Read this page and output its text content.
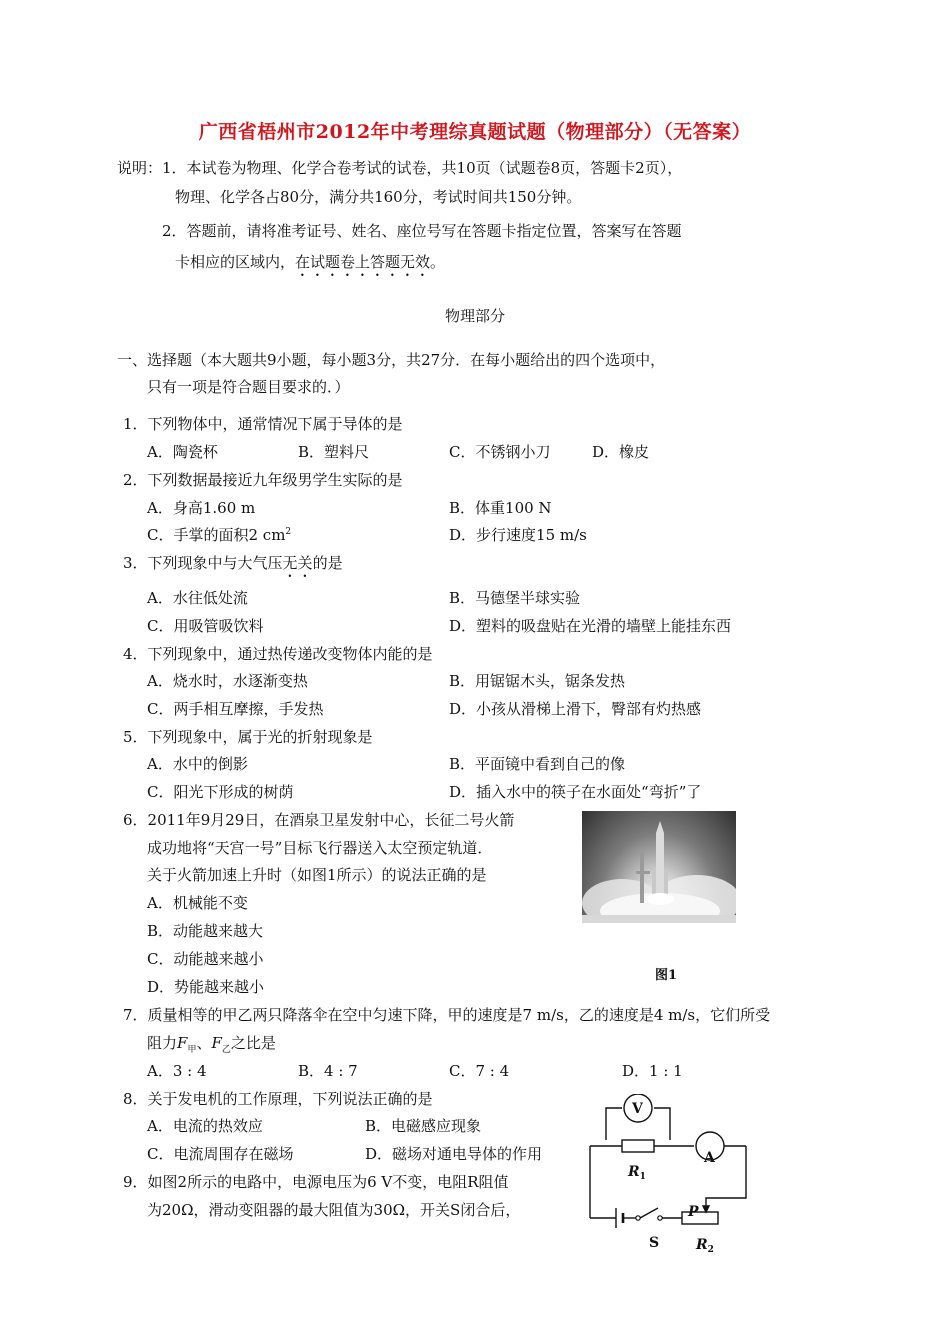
广西省梧州市2012年中考理综真题试题（物理部分）（无答案）
说明：1．本试卷为物理、化学合卷考试的试卷，共10页（试题卷8页，答题卡2页），
物理、化学各占80分，满分共160分，考试时间共150分钟。
2．答题前，请将准考证号、姓名、座位号写在答题卡指定位置，答案写在答题
卡相应的区域内，在试题卷上答题无效。
物理部分
一、选择题（本大题共9小题，每小题3分，共27分．在每小题给出的四个选项中，
只有一项是符合题目要求的．）
1．下列物体中，通常情况下属于导体的是
A．陶瓷杯	B．塑料尺	C．不锈钢小刀	D．橡皮
2．下列数据最接近九年级男学生实际的是
A．身高1.60 m	B．体重100 N
C．手掌的面积2 $cm^2$	D．步行速度15 m/s
3．下列现象中与大气压无关的是
A．水往低处流	B．马德堡半球实验
C．用吸管吸饮料	D．塑料的吸盘贴在光滑的墙壁上能挂东西
4．下列现象中，通过热传递改变物体内能的是
A．烧水时，水逐渐变热	B．用锯锯木头，锯条发热
C．两手相互摩擦，手发热	D．小孩从滑梯上滑下，臀部有灼热感
5．下列现象中，属于光的折射现象是
A．水中的倒影	B．平面镜中看到自己的像
C．阳光下形成的树荫	D．插入水中的筷子在水面处“弯折”了
6．2011年9月29日，在酒泉卫星发射中心，长征二号火箭
成功地将“天宫一号”目标飞行器送入太空预定轨道．
关于火箭加速上升时（如图1所示）的说法正确的是
A．机械能不变
B．动能越来越大
C．动能越来越小
D．势能越来越小
图1
7．质量相等的甲乙两只降落伞在空中匀速下降，甲的速度是7 m/s，乙的速度是4 m/s，它们所受
阻力$F_甲$、$F_乙$之比是
A．3 : 4	B．4 : 7	C．7 : 4	D．1 : 1
8．关于发电机的工作原理，下列说法正确的是
A．电流的热效应	B．电磁感应现象
C．电流周围存在磁场	D．磁场对通电导体的作用
9．如图2所示的电路中，电源电压为6 V不变，电阻R阻值
为20Ω，滑动变阻器的最大阻值为30Ω，开关S闭合后，
V
A
$R_1$
P
S	$R_2$
